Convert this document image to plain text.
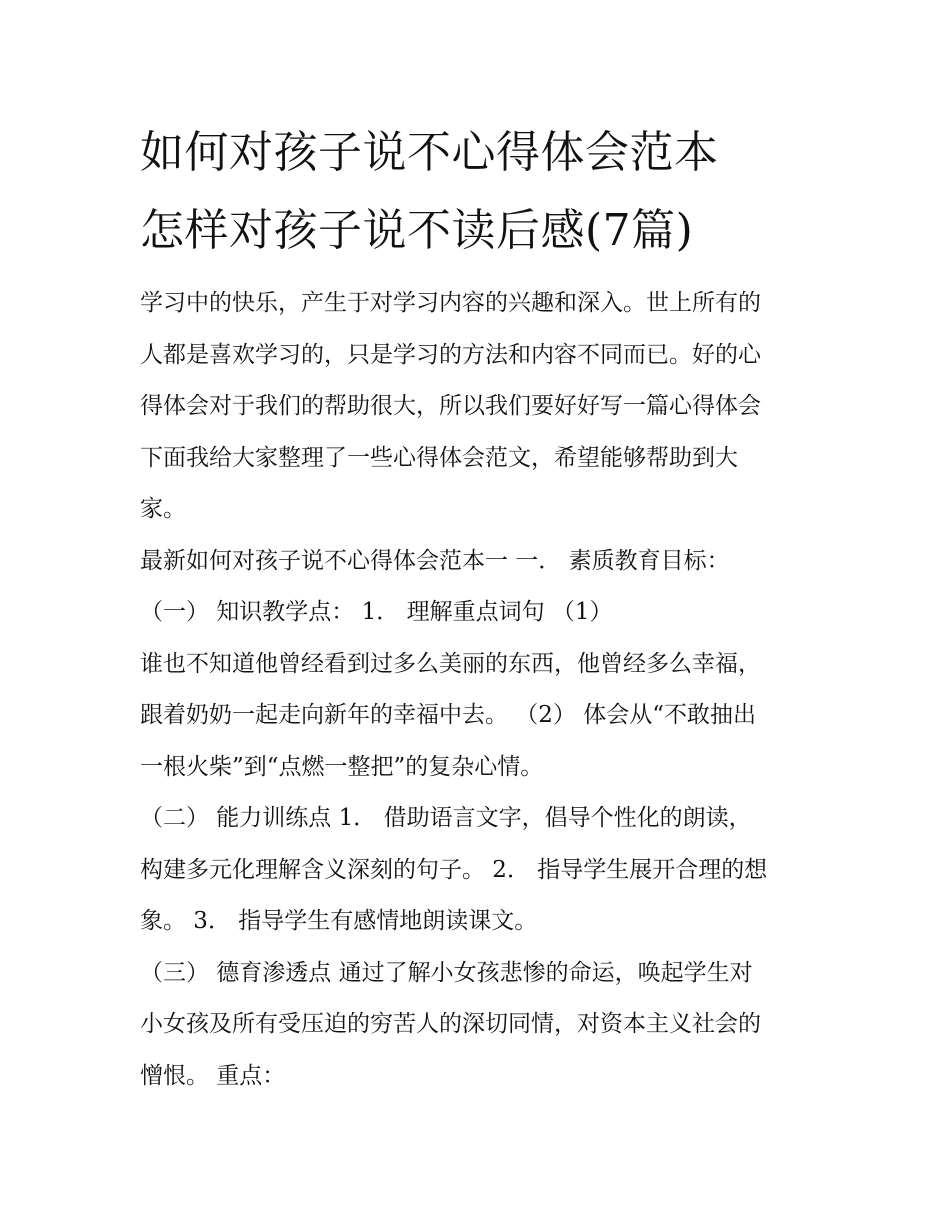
如何对孩子说不心得体会范本
怎样对孩子说不读后感(7篇)
学习中的快乐，产生于对学习内容的兴趣和深入。世上所有的
人都是喜欢学习的，只是学习的方法和内容不同而已。好的心
得体会对于我们的帮助很大，所以我们要好好写一篇心得体会
下面我给大家整理了一些心得体会范文，希望能够帮助到大
家。
最新如何对孩子说不心得体会范本一 一． 素质教育目标：
（一） 知识教学点： 1． 理解重点词句 （1）
谁也不知道他曾经看到过多么美丽的东西，他曾经多么幸福，
跟着奶奶一起走向新年的幸福中去。 （2） 体会从“不敢抽出
一根火柴”到“点燃一整把”的复杂心情。
（二） 能力训练点 1． 借助语言文字，倡导个性化的朗读，
构建多元化理解含义深刻的句子。 2． 指导学生展开合理的想
象。 3． 指导学生有感情地朗读课文。
（三） 德育渗透点 通过了解小女孩悲惨的命运，唤起学生对
小女孩及所有受压迫的穷苦人的深切同情，对资本主义社会的
憎恨。 重点：
